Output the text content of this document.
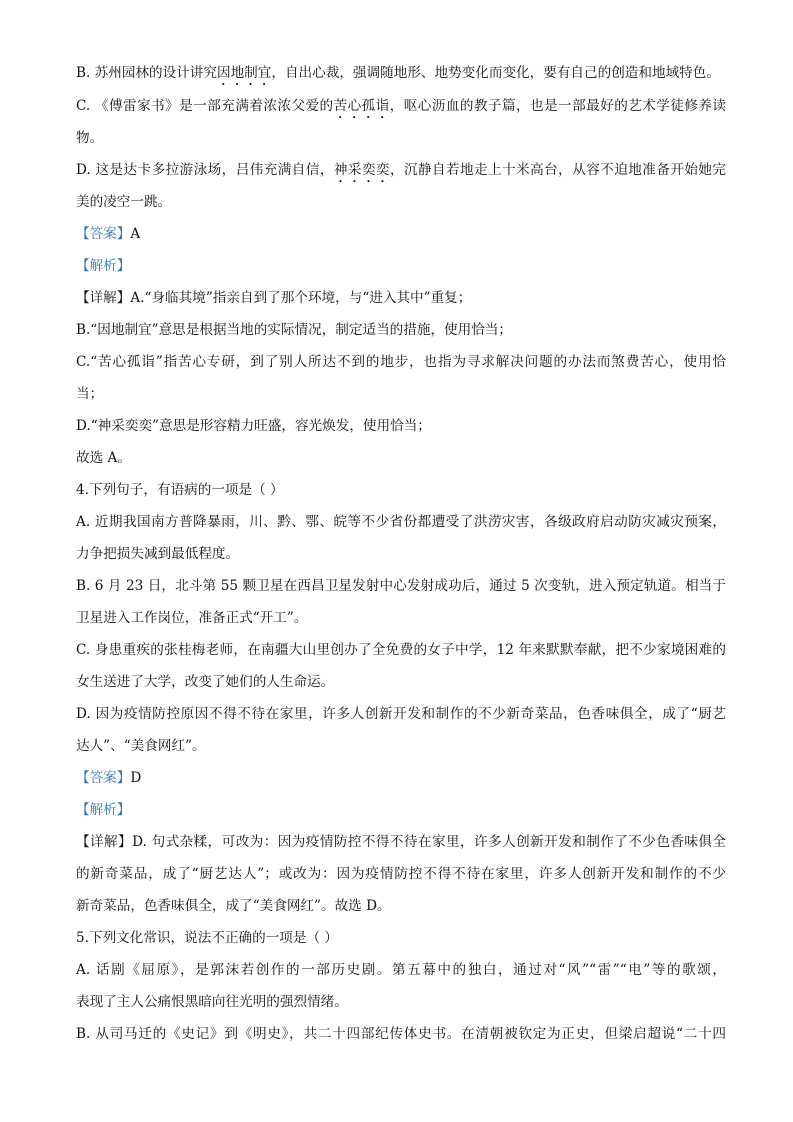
B. 苏州园林的设计讲究因地制宜，自出心裁，强调随地形、地势变化而变化，要有自己的创造和地域特色。
C. 《傅雷家书》是一部充满着浓浓父爱的苦心孤诣，呕心沥血的教子篇，也是一部最好的艺术学徒修养读
物。
D. 这是达卡多拉游泳场，吕伟充满自信，神采奕奕，沉静自若地走上十米高台，从容不迫地准备开始她完
美的凌空一跳。
【答案】A
【解析】
【详解】A.“身临其境”指亲自到了那个环境，与“进入其中”重复；
B.“因地制宜”意思是根据当地的实际情况，制定适当的措施，使用恰当；
C.“苦心孤诣”指苦心专研，到了别人所达不到的地步，也指为寻求解决问题的办法而煞费苦心，使用恰
当；
D.“神采奕奕”意思是形容精力旺盛，容光焕发，使用恰当；
故选 A。
4.下列句子，有语病的一项是（ ）
A. 近期我国南方普降暴雨，川、黔、鄂、皖等不少省份都遭受了洪涝灾害，各级政府启动防灾减灾预案，
力争把损失减到最低程度。
B. 6 月 23 日，北斗第 55 颗卫星在西昌卫星发射中心发射成功后，通过 5 次变轨，进入预定轨道。相当于
卫星进入工作岗位，准备正式“开工”。
C. 身患重疾的张桂梅老师，在南疆大山里创办了全免费的女子中学，12 年来默默奉献，把不少家境困难的
女生送进了大学，改变了她们的人生命运。
D. 因为疫情防控原因不得不待在家里，许多人创新开发和制作的不少新奇菜品，色香味俱全，成了“厨艺
达人”、“美食网红”。
【答案】D
【解析】
【详解】D. 句式杂糅，可改为：因为疫情防控不得不待在家里，许多人创新开发和制作了不少色香味俱全
的新奇菜品，成了“厨艺达人”；或改为：因为疫情防控不得不待在家里，许多人创新开发和制作的不少
新奇菜品，色香味俱全，成了“美食网红”。故选 D。
5.下列文化常识，说法不正确的一项是（ ）
A. 话剧《屈原》，是郭沫若创作的一部历史剧。第五幕中的独白，通过对“风”“雷”“电”等的歌颂，
表现了主人公痛恨黑暗向往光明的强烈情绪。
B. 从司马迁的《史记》到《明史》，共二十四部纪传体史书。在清朝被钦定为正史，但梁启超说“二十四
